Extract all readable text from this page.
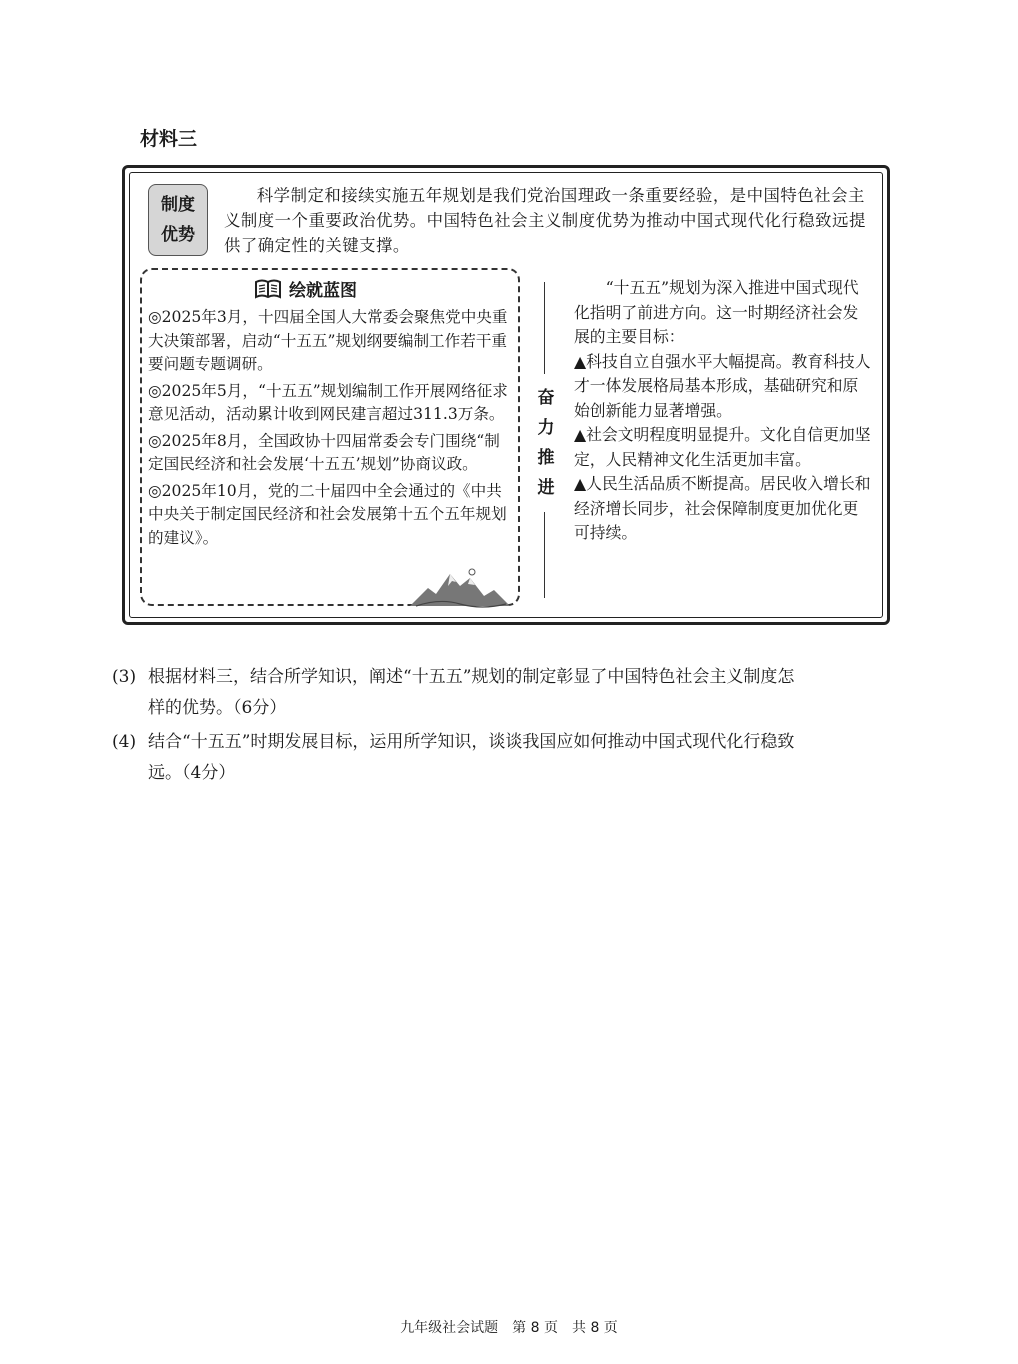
材料三
制度
优势
科学制定和接续实施五年规划是我们党治国理政一条重要经验，是中国特色社会主义制度一个重要政治优势。中国特色社会主义制度优势为推动中国式现代化行稳致远提供了确定性的关键支撑。
绘就蓝图

◎2025年3月，十四届全国人大常委会聚焦党中央重大决策部署，启动“十五五”规划纲要编制工作若干重要问题专题调研。

◎2025年5月，“十五五”规划编制工作开展网络征求意见活动，活动累计收到网民建言超过311.3万条。

◎2025年8月，全国政协十四届常委会专门围绕“制定国民经济和社会发展‘十五五’规划”协商议政。

◎2025年10月，党的二十届四中全会通过的《中共中央关于制定国民经济和社会发展第十五个五年规划的建议》。

奋
力
推
进

“十五五”规划为深入推进中国式现代化指明了前进方向。这一时期经济社会发展的主要目标：

▲科技自立自强水平大幅提高。教育科技人才一体发展格局基本形成，基础研究和原始创新能力显著增强。

▲社会文明程度明显提升。文化自信更加坚定，人民精神文化生活更加丰富。

▲人民生活品质不断提高。居民收入增长和经济增长同步，社会保障制度更加优化更可持续。

(3) 根据材料三，结合所学知识，阐述“十五五”规划的制定彰显了中国特色社会主义制度怎
样的优势。（6分）
(4) 结合“十五五”时期发展目标，运用所学知识，谈谈我国应如何推动中国式现代化行稳致
远。（4分）
九年级社会试题　第 8 页　共 8 页
